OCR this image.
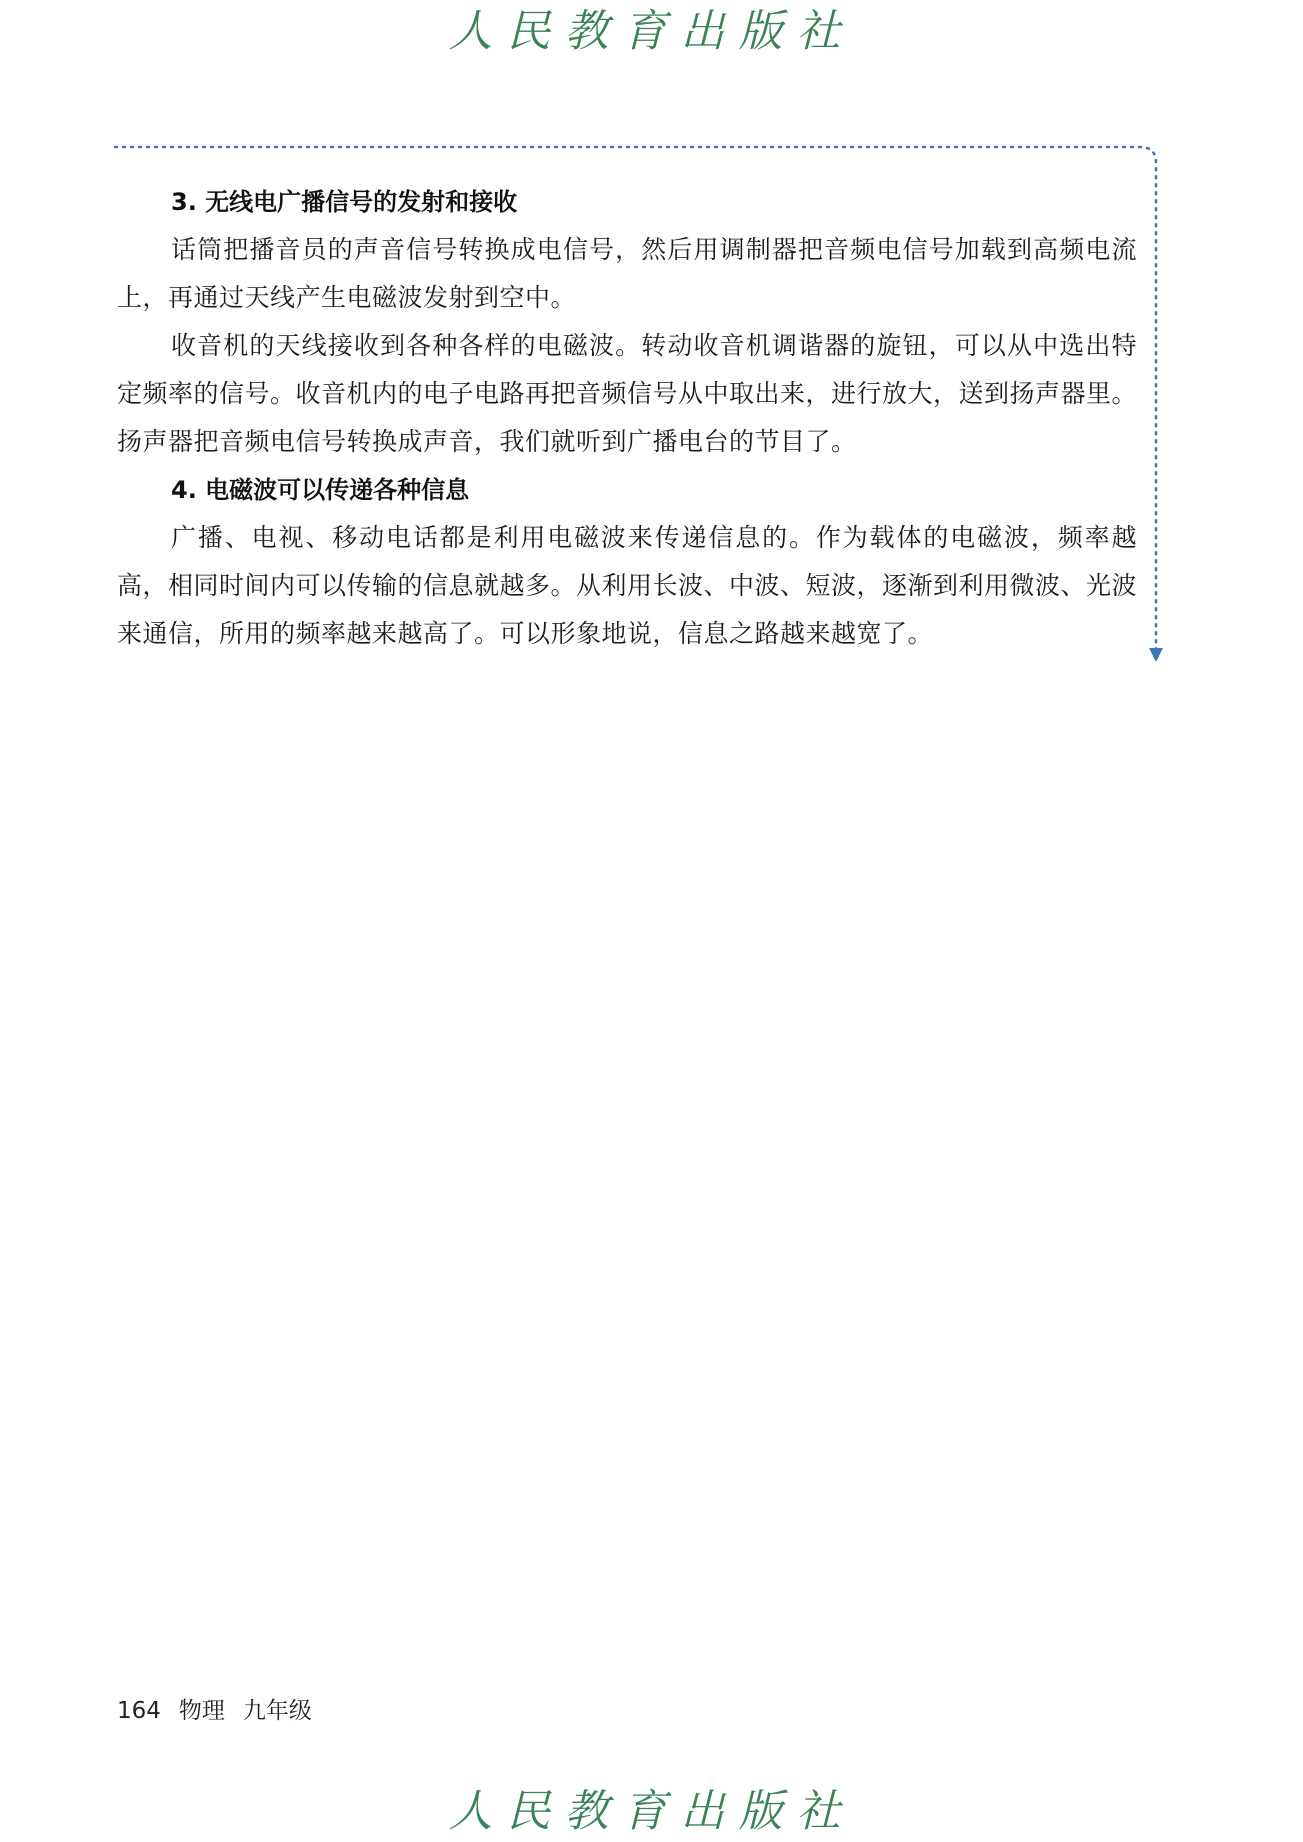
人民教育出版社
3. 无线电广播信号的发射和接收

话筒把播音员的声音信号转换成电信号，然后用调制器把音频电信号加载到高频电流上，再通过天线产生电磁波发射到空中。

收音机的天线接收到各种各样的电磁波。转动收音机调谐器的旋钮，可以从中选出特定频率的信号。收音机内的电子电路再把音频信号从中取出来，进行放大，送到扬声器里。扬声器把音频电信号转换成声音，我们就听到广播电台的节目了。

4. 电磁波可以传递各种信息

广播、电视、移动电话都是利用电磁波来传递信息的。作为载体的电磁波，频率越高，相同时间内可以传输的信息就越多。从利用长波、中波、短波，逐渐到利用微波、光波来通信，所用的频率越来越高了。可以形象地说，信息之路越来越宽了。

164 物理 九年级
人民教育出版社
